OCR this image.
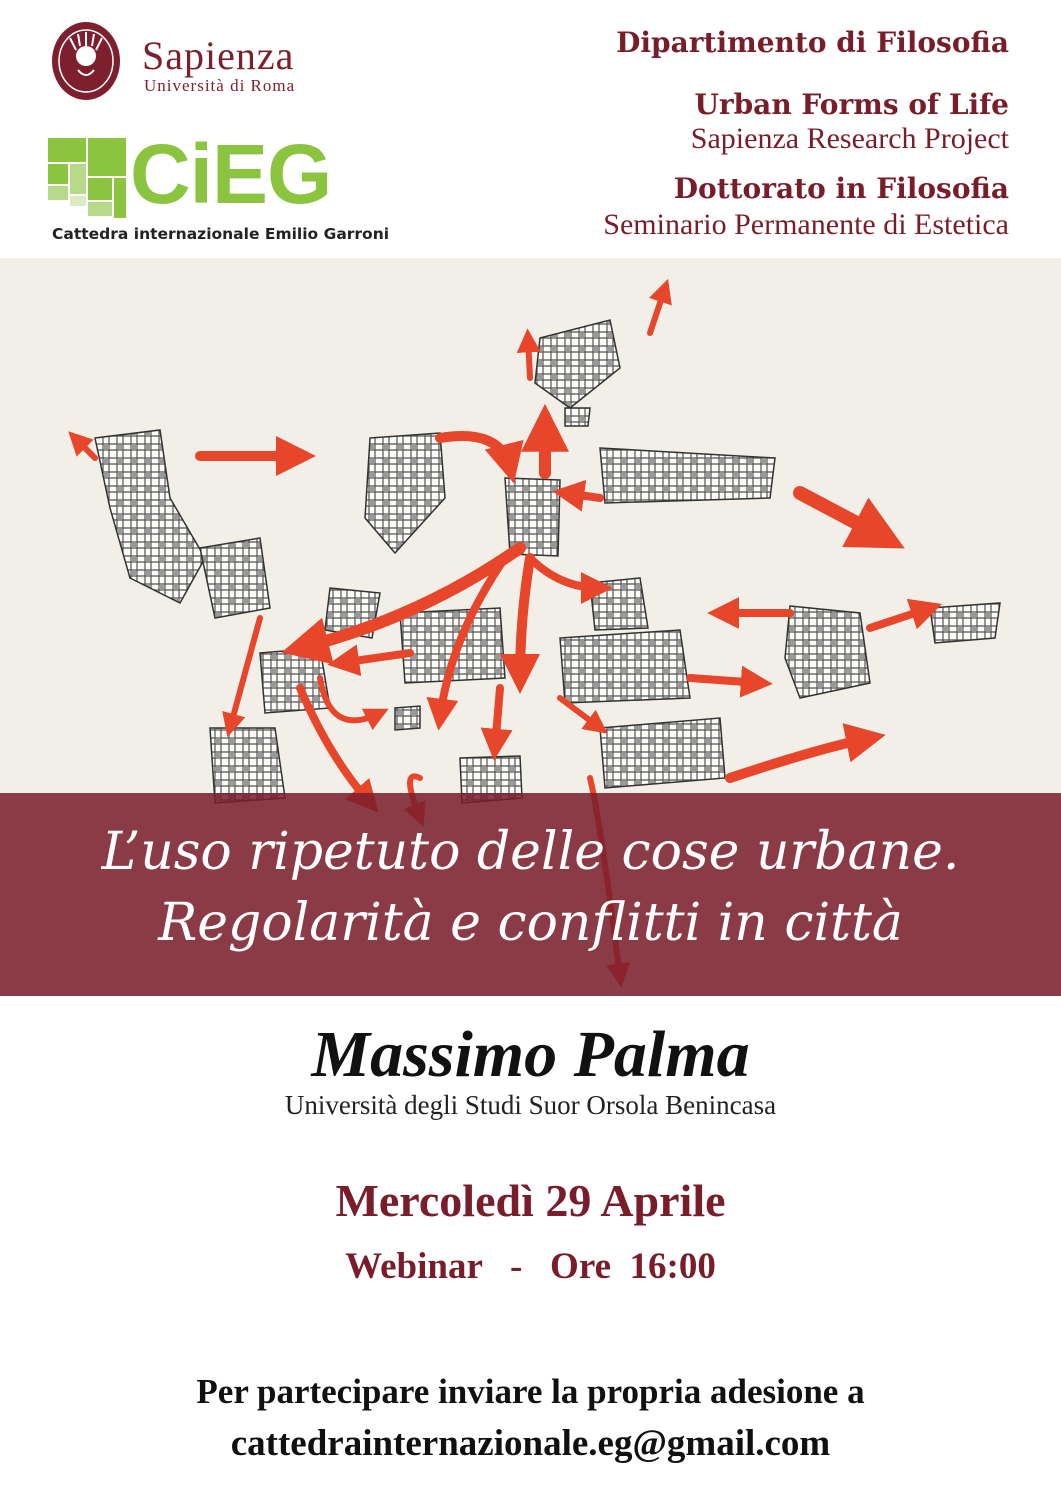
Sapienza
Università di Roma
CiEG
Cattedra internazionale Emilio Garroni
Dipartimento di Filosofia
Urban Forms of Life
Sapienza Research Project
Dottorato in Filosofia
Seminario Permanente di Estetica
L’uso ripetuto delle cose urbane.
Regolarità e conflitti in città
Massimo Palma
Università degli Studi Suor Orsola Benincasa
Mercoledì 29 Aprile
Webinar   -   Ore  16:00
Per partecipare inviare la propria adesione a
cattedrainternazionale.eg@gmail.com
